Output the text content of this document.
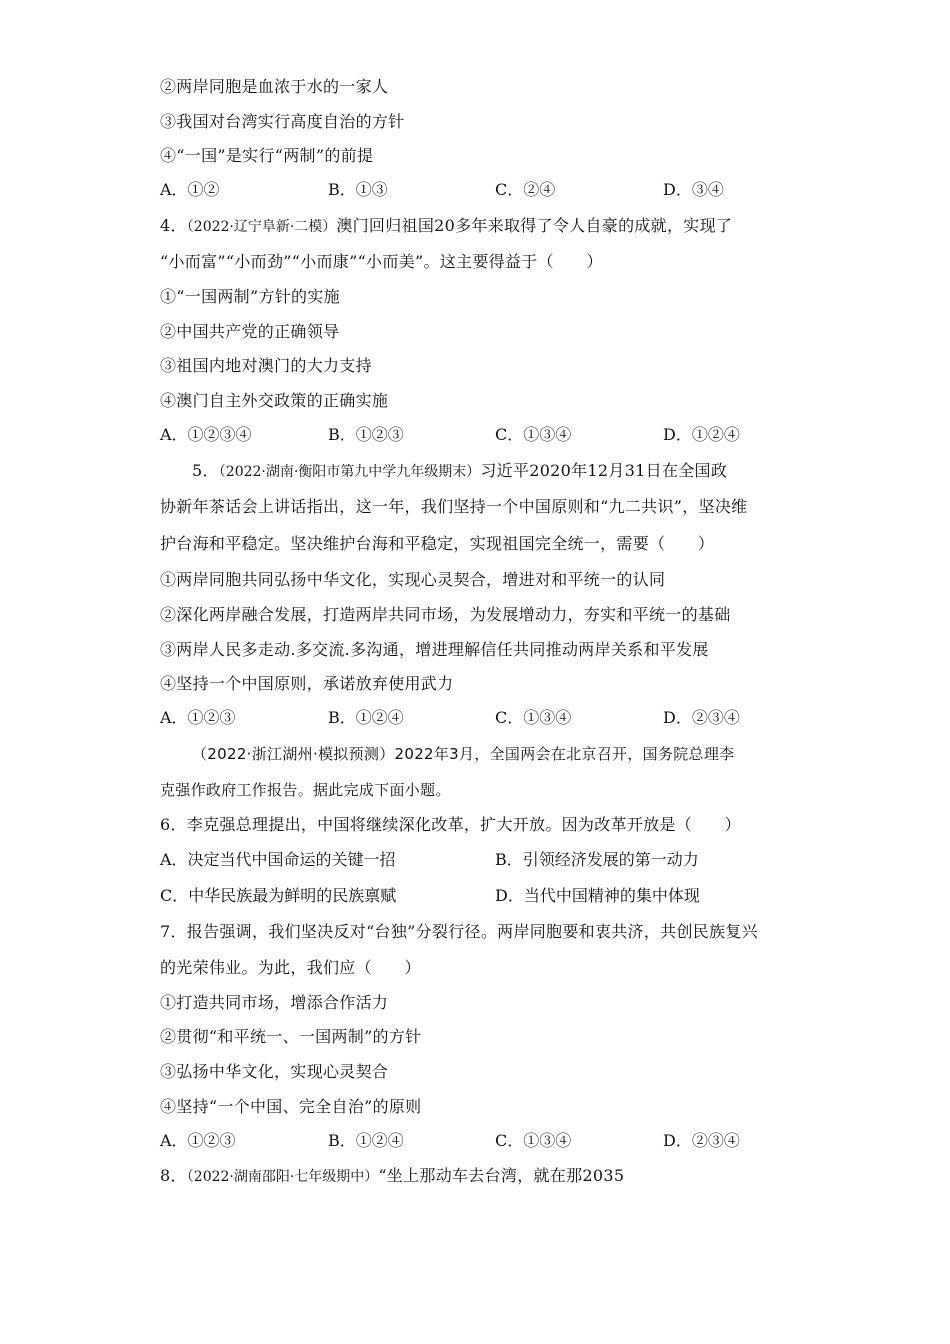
②两岸同胞是血浓于水的一家人
③我国对台湾实行高度自治的方针
④“一国”是实行“两制”的前提
A．①②	B．①③	C．②④	D．③④
4．（2022·辽宁阜新·二模）澳门回归祖国20多年来取得了令人自豪的成就，实现了
“小而富”“小而劲”“小而康”“小而美”。这主要得益于（　　）
①“一国两制”方针的实施
②中国共产党的正确领导
③祖国内地对澳门的大力支持
④澳门自主外交政策的正确实施
A．①②③④	B．①②③	C．①③④	D．①②④
5．（2022·湖南·衡阳市第九中学九年级期末）习近平2020年12月31日在全国政
协新年茶话会上讲话指出，这一年，我们坚持一个中国原则和“九二共识”，坚决维
护台海和平稳定。坚决维护台海和平稳定，实现祖国完全统一，需要（　　）
①两岸同胞共同弘扬中华文化，实现心灵契合，增进对和平统一的认同
②深化两岸融合发展，打造两岸共同市场，为发展增动力，夯实和平统一的基础
③两岸人民多走动.多交流.多沟通，增进理解信任共同推动两岸关系和平发展
④坚持一个中国原则，承诺放弃使用武力
A．①②③	B．①②④	C．①③④	D．②③④
（2022·浙江湖州·模拟预测）2022年3月，全国两会在北京召开，国务院总理李
克强作政府工作报告。据此完成下面小题。
6．李克强总理提出，中国将继续深化改革，扩大开放。因为改革开放是（　　）
A．决定当代中国命运的关键一招	B．引领经济发展的第一动力
C．中华民族最为鲜明的民族禀赋	D．当代中国精神的集中体现
7．报告强调，我们坚决反对“台独”分裂行径。两岸同胞要和衷共济，共创民族复兴
的光荣伟业。为此，我们应（　　）
①打造共同市场，增添合作活力
②贯彻“和平统一、一国两制”的方针
③弘扬中华文化，实现心灵契合
④坚持“一个中国、完全自治”的原则
A．①②③	B．①②④	C．①③④	D．②③④
8．（2022·湖南邵阳·七年级期中）“坐上那动车去台湾，就在那2035
